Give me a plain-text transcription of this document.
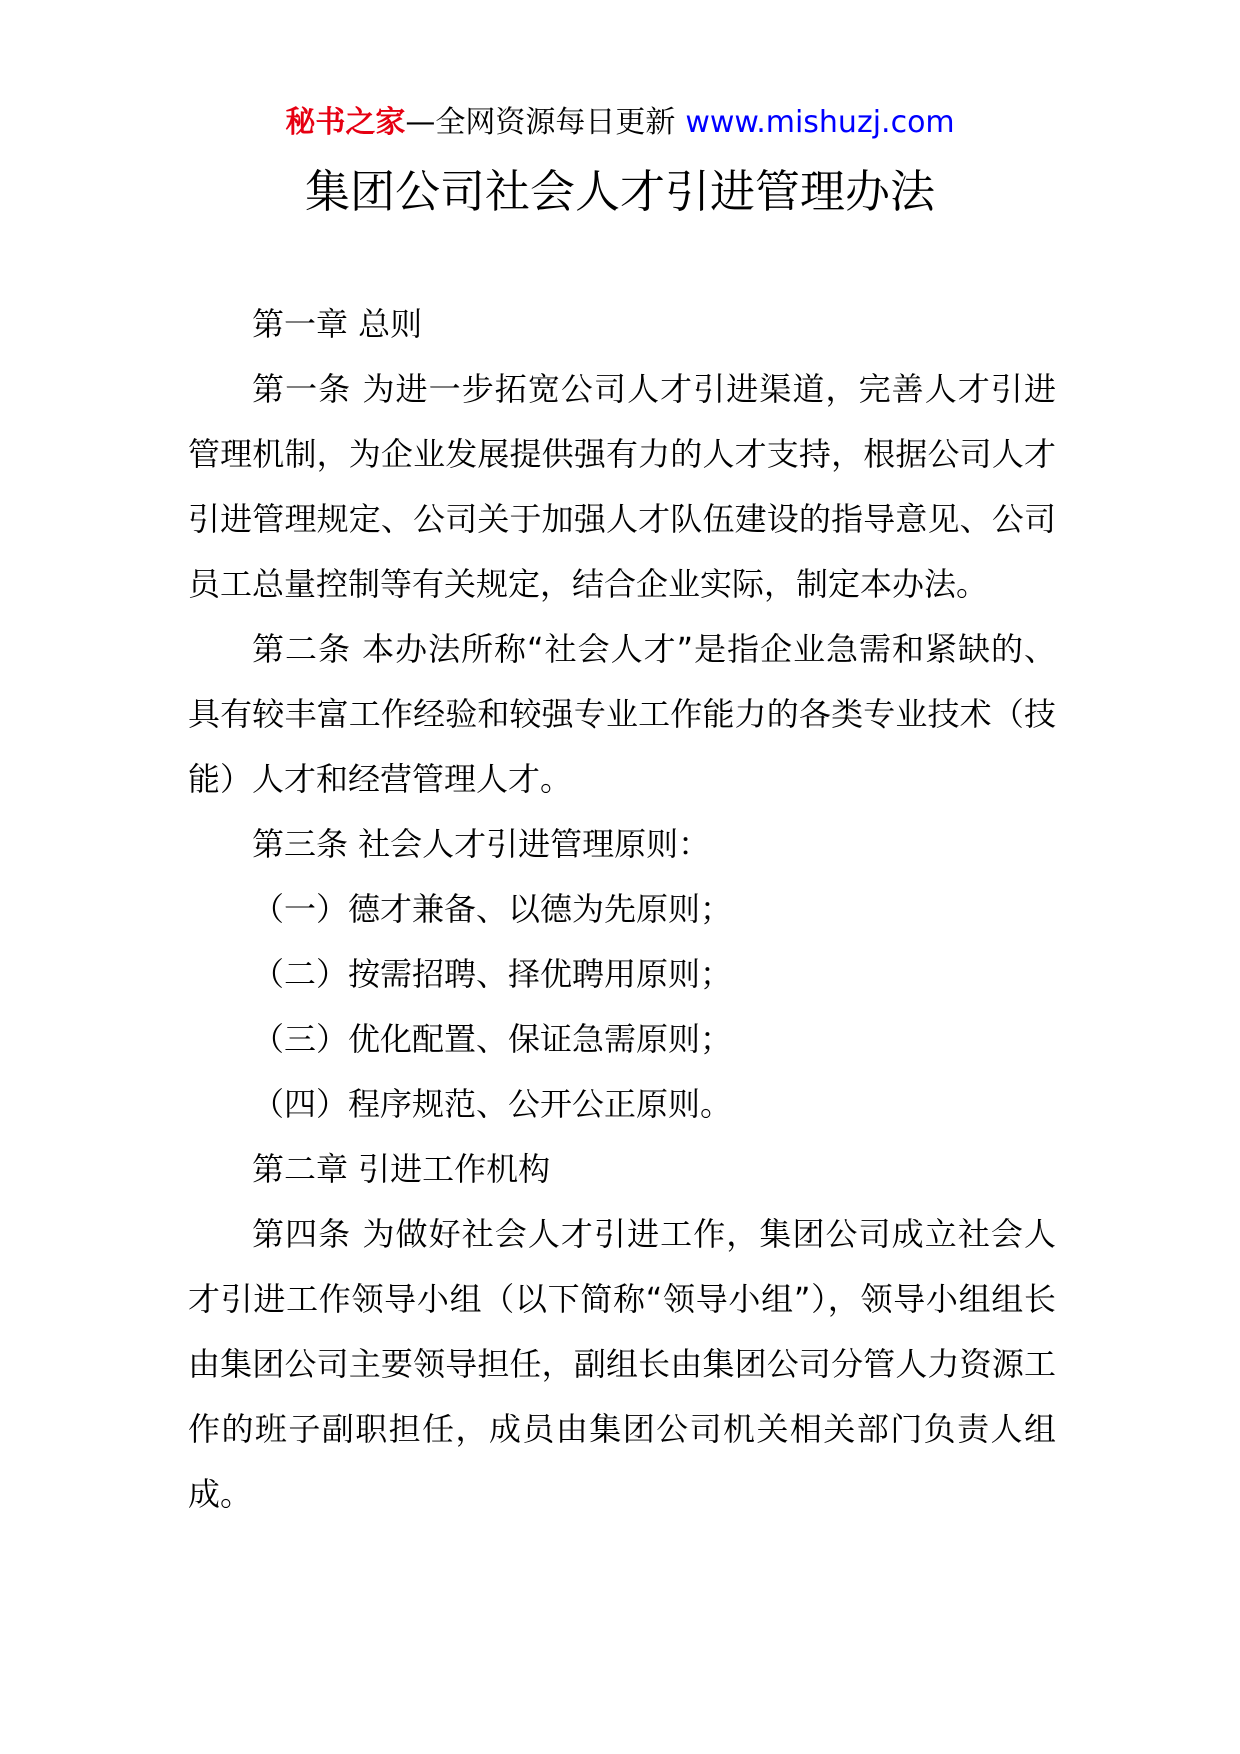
秘书之家—全网资源每日更新 www.mishuzj.com
集团公司社会人才引进管理办法

第一章 总则

第一条 为进一步拓宽公司人才引进渠道，完善人才引进管理机制，为企业发展提供强有力的人才支持，根据公司人才引进管理规定、公司关于加强人才队伍建设的指导意见、公司员工总量控制等有关规定，结合企业实际，制定本办法。

第二条 本办法所称“社会人才”是指企业急需和紧缺的、具有较丰富工作经验和较强专业工作能力的各类专业技术（技能）人才和经营管理人才。

第三条 社会人才引进管理原则：

（一）德才兼备、以德为先原则；

（二）按需招聘、择优聘用原则；

（三）优化配置、保证急需原则；

（四）程序规范、公开公正原则。

第二章 引进工作机构

第四条 为做好社会人才引进工作，集团公司成立社会人才引进工作领导小组（以下简称“领导小组”），领导小组组长由集团公司主要领导担任，副组长由集团公司分管人力资源工作的班子副职担任，成员由集团公司机关相关部门负责人组成。
